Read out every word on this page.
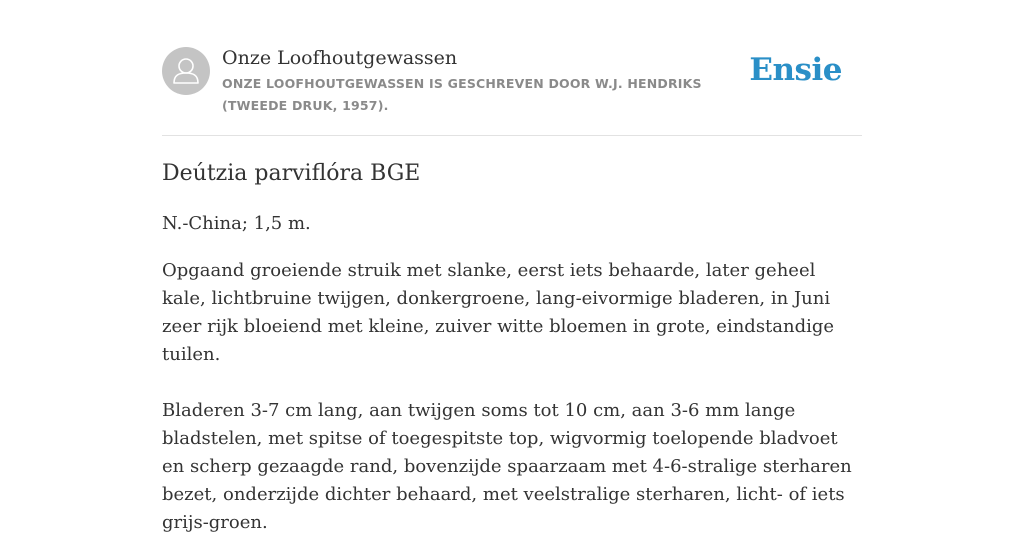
Onze Loofhoutgewassen
ONZE LOOFHOUTGEWASSEN IS GESCHREVEN DOOR W.J. HENDRIKS (TWEEDE DRUK, 1957).
Ensie
Deútzia parviflóra BGE

N.-China; 1,5 m.

Opgaand groeiende struik met slanke, eerst iets behaarde, later geheel kale, lichtbruine twijgen, donkergroene, lang-eivormige bladeren, in Juni zeer rijk bloeiend met kleine, zuiver witte bloemen in grote, eindstandige tuilen.

Bladeren 3-7 cm lang, aan twijgen soms tot 10 cm, aan 3-6 mm lange bladstelen, met spitse of toegespitste top, wigvormig toelopende bladvoet en scherp gezaagde rand, bovenzijde spaarzaam met 4-6-stralige sterharen bezet, onderzijde dichter behaard, met veelstralige sterharen, licht- of iets grijs-groen.
